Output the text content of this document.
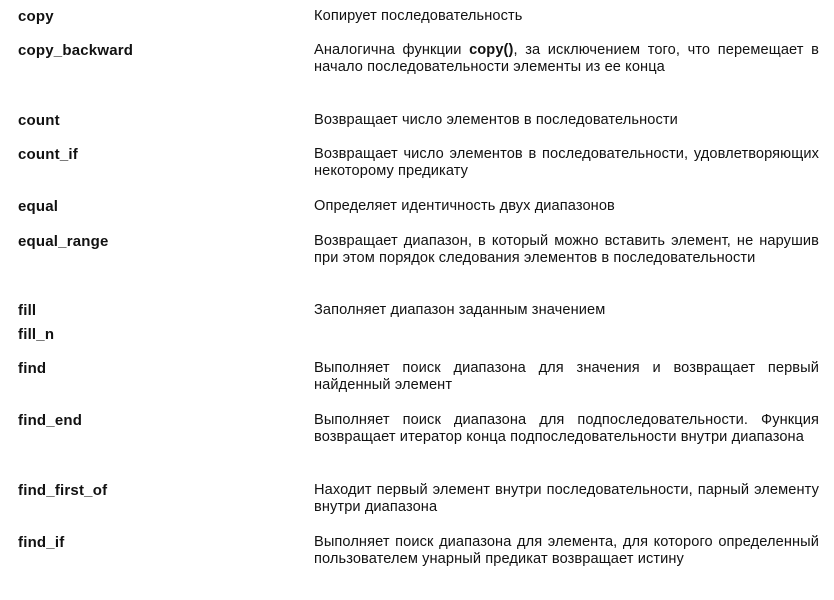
copy	Копирует последовательность
copy_backward	Аналогична функции copy(), за исключением того, что перемещает в начало последовательности элементы из ее конца
count	Возвращает число элементов в последовательности
count_if	Возвращает число элементов в последовательности, удовлетворяющих некоторому предикату
equal	Определяет идентичность двух диапазонов
equal_range	Возвращает диапазон, в который можно вставить элемент, не нарушив при этом порядок следования элементов в последовательности
fill	Заполняет диапазон заданным значением
fill_n
find	Выполняет поиск диапазона для значения и возвращает первый найденный элемент
find_end	Выполняет поиск диапазона для подпоследовательности. Функция возвращает итератор конца подпоследовательности внутри диапазона
find_first_of	Находит первый элемент внутри последовательности, парный элементу внутри диапазона
find_if	Выполняет поиск диапазона для элемента, для которого определенный пользователем унарный предикат возвращает истину
